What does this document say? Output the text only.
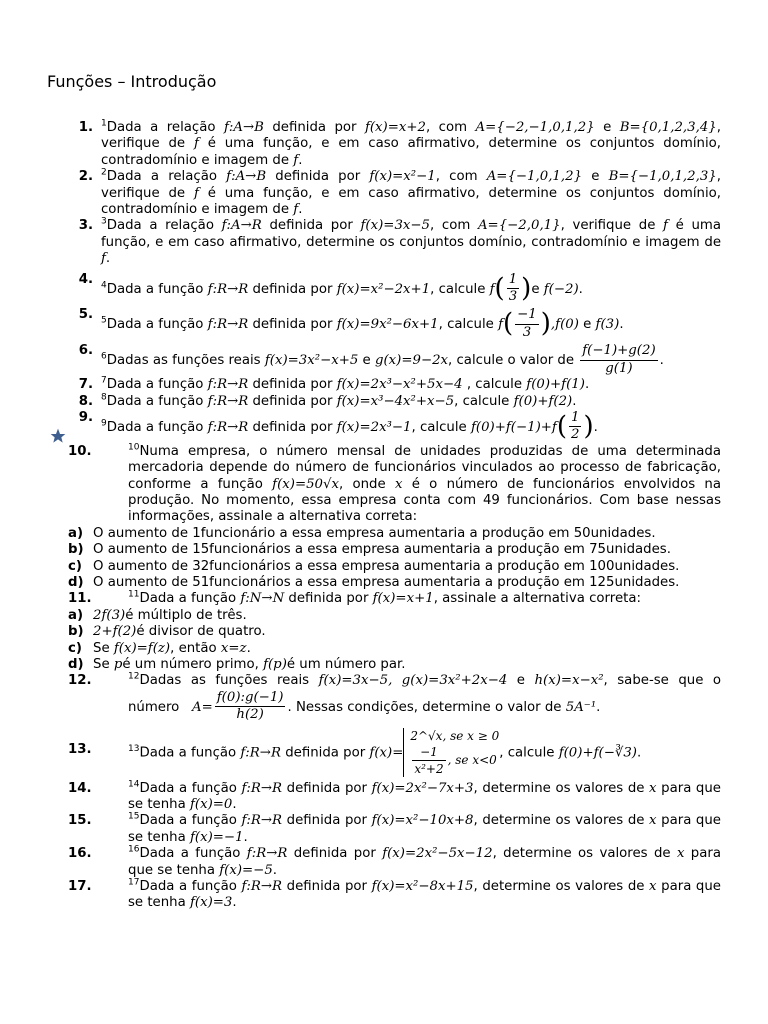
Funções – Introdução
1. $^1$Dada a relação f:A→B definida por f(x)=x+2, com A={−2,−1,0,1,2} e B={0,1,2,3,4}, verifique de f é uma função, e em caso afirmativo, determine os conjuntos domínio, contradomínio e imagem de f.
2. $^2$Dada a relação f:A→B definida por f(x)=x²−1, com A={−1,0,1,2} e B={−1,0,1,2,3}, verifique de f é uma função, e em caso afirmativo, determine os conjuntos domínio, contradomínio e imagem de f.
3. $^3$Dada a relação f:A→R definida por f(x)=3x−5, com A={−2,0,1}, verifique de f é uma função, e em caso afirmativo, determine os conjuntos domínio, contradomínio e imagem de f.
4. $^4$Dada a função f:R→R definida por f(x)=x²−2x+1, calcule $f( \frac{1}{3} )e$ f(−2).
5. $^5$Dada a função f:R→R definida por f(x)=9x²−6x+1, calcule $f( \frac{-1}{3} ),f(0)$ e f(3).
6. $^6$Dadas as funções reais f(x)=3x²−x+5 e g(x)=9−2x, calcule o valor de $\frac{f(-1)+g(2)}{g(1)}$ .
7. $^7$Dada a função f:R→R definida por f(x)=2x³−x²+5x−4 , calcule f(0)+f(1).
8. $^8$Dada a função f:R→R definida por f(x)=x³−4x²+x−5, calcule f(0)+f(2).
9. $^9$Dada a função f:R→R definida por f(x)=2x³−1, calcule $f(0)+f(-1)+f( \frac{1}{2}$ ).
10.	$^{10}$Numa empresa, o número mensal de unidades produzidas de uma determinada mercadoria depende do número de funcionários vinculados ao processo de fabricação, conforme a função f(x)=50√x, onde x é o número de funcionários envolvidos na produção. No momento, essa empresa conta com 49 funcionários. Com base nessas informações, assinale a alternativa correta:
a) O aumento de 1funcionário a essa empresa aumentaria a produção em 50unidades.
b) O aumento de 15funcionários a essa empresa aumentaria a produção em 75unidades.
c) O aumento de 32funcionários a essa empresa aumentaria a produção em 100unidades.
d) O aumento de 51funcionários a essa empresa aumentaria a produção em 125unidades.
11.	$^{11}$Dada a função f:N→N definida por f(x)=x+1, assinale a alternativa correta:
a) 2f(3) é múltiplo de três.
b) 2+f(2) é divisor de quatro.
c) Se
f(x)=f(z) , então
x=z .
d) Se
p é um número primo,
f(p) é um número par.
12.	$^{12}$Dadas as funções reais f(x)=3x−5, g(x)=3x²+2x−4 e h(x)=x−x², sabe-se que o número   $A= \frac{f(0):g(-1)}{h(2)}$ . Nessas condições, determine o valor de 5A⁻¹.
13.	$^{13}$Dada a função f:R→R definida por f(x)=2^√x, se x ≥ 0

$\frac{-1}{\text{x²+2}}$ , se x<0 , calcule f(0)+f(−∛3).
14.	$^{14}$Dada a função f:R→R definida por f(x)=2x²−7x+3, determine os valores de x para que se tenha f(x)=0.
15.	$^{15}$Dada a função f:R→R definida por f(x)=x²−10x+8, determine os valores de x para que se tenha f(x)=−1.
16.	$^{16}$Dada a função f:R→R definida por f(x)=2x²−5x−12, determine os valores de x para que se tenha f(x)=−5.
17.	$^{17}$Dada a função f:R→R definida por f(x)=x²−8x+15, determine os valores de x para que se tenha f(x)=3.
